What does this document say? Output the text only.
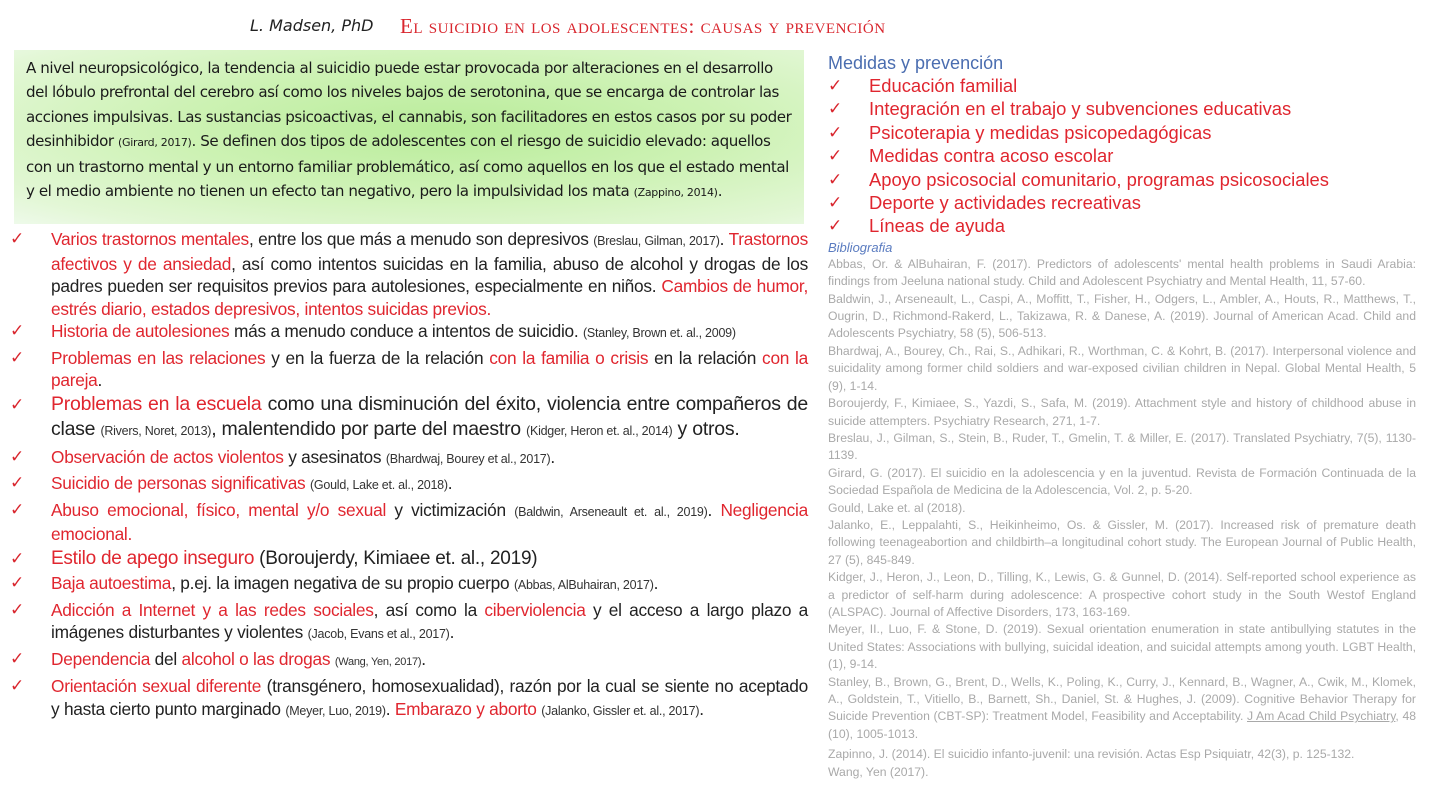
L. Madsen, PhD El suicidio en los adolescentes: causas y prevención
A nivel neuropsicológico, la tendencia al suicidio puede estar provocada por alteraciones en el desarrollo del lóbulo prefrontal del cerebro así como los niveles bajos de serotonina, que se encarga de controlar las acciones impulsivas. Las sustancias psicoactivas, el cannabis, son facilitadores en estos casos por su poder desinhibidor (Girard, 2017). Se definen dos tipos de adolescentes con el riesgo de suicidio elevado: aquellos con un trastorno mental y un entorno familiar problemático, así como aquellos en los que el estado mental y el medio ambiente no tienen un efecto tan negativo, pero la impulsividad los mata (Zappino, 2014).
✓ Varios trastornos mentales, entre los que más a menudo son depresivos (Breslau, Gilman, 2017). Trastornos afectivos y de ansiedad, así como intentos suicidas en la familia, abuso de alcohol y drogas de los padres pueden ser requisitos previos para autolesiones, especialmente en niños. Cambios de humor, estrés diario, estados depresivos, intentos suicidas previos.
✓ Historia de autolesiones más a menudo conduce a intentos de suicidio. (Stanley, Brown et. al., 2009)
✓ Problemas en las relaciones y en la fuerza de la relación con la familia o crisis en la relación con la pareja.
✓ Problemas en la escuela como una disminución del éxito, violencia entre compañeros de clase (Rivers, Noret, 2013), malentendido por parte del maestro (Kidger, Heron et. al., 2014) y otros.
✓ Observación de actos violentos y asesinatos (Bhardwaj, Bourey et al., 2017).
✓ Suicidio de personas significativas (Gould, Lake et. al., 2018).
✓ Abuso emocional, físico, mental y/o sexual y victimización (Baldwin, Arseneault et. al., 2019). Negligencia emocional.
✓ Estilo de apego inseguro (Boroujerdy, Kimiaee et. al., 2019)
✓ Baja autoestima, p.ej. la imagen negativa de su propio cuerpo (Abbas, AlBuhairan, 2017).
✓ Adicción a Internet y a las redes sociales, así como la ciberviolencia y el acceso a largo plazo a imágenes disturbantes y violentes (Jacob, Evans et al., 2017).
✓ Dependencia del alcohol o las drogas (Wang, Yen, 2017).
✓ Orientación sexual diferente (transgénero, homosexualidad), razón por la cual se siente no aceptado y hasta cierto punto marginado (Meyer, Luo, 2019). Embarazo y aborto (Jalanko, Gissler et. al., 2017).
Medidas y prevención
✓ Educación familial
✓ Integración en el trabajo y subvenciones educativas
✓ Psicoterapia y medidas psicopedagógicas
✓ Medidas contra acoso escolar
✓ Apoyo psicosocial comunitario, programas psicosociales
✓ Deporte y actividades recreativas
✓ Líneas de ayuda
Bibliografia
Abbas, Or. & AlBuhairan, F. (2017). Predictors of adolescents' mental health problems in Saudi Arabia: findings from Jeeluna national study. Child and Adolescent Psychiatry and Mental Health, 11, 57-60.
Baldwin, J., Arseneault, L., Caspi, A., Moffitt, T., Fisher, H., Odgers, L., Ambler, A., Houts, R., Matthews, T., Ougrin, D., Richmond-Rakerd, L., Takizawa, R. & Danese, A. (2019). Journal of American Acad. Child and Adolescents Psychiatry, 58 (5), 506-513.
Bhardwaj, A., Bourey, Ch., Rai, S., Adhikari, R., Worthman, C. & Kohrt, B. (2017). Interpersonal violence and suicidality among former child soldiers and war-exposed civilian children in Nepal. Global Mental Health, 5 (9), 1-14.
Boroujerdy, F., Kimiaee, S., Yazdi, S., Safa, M. (2019). Attachment style and history of childhood abuse in suicide attempters. Psychiatry Research, 271, 1-7.
Breslau, J., Gilman, S., Stein, B., Ruder, T., Gmelin, T. & Miller, E. (2017). Translated Psychiatry, 7(5), 1130-1139.
Girard, G. (2017). El suicidio en la adolescencia y en la juventud. Revista de Formación Continuada de la Sociedad Española de Medicina de la Adolescencia, Vol. 2, p. 5-20.
Gould, Lake et. al (2018).
Jalanko, E., Leppalahti, S., Heikinheimo, Os. & Gissler, M. (2017). Increased risk of premature death following teenageabortion and childbirth–a longitudinal cohort study. The European Journal of Public Health, 27 (5), 845-849.
Kidger, J., Heron, J., Leon, D., Tilling, K., Lewis, G. & Gunnel, D. (2014). Self-reported school experience as a predictor of self-harm during adolescence: A prospective cohort study in the South Westof England (ALSPAC). Journal of Affective Disorders, 173, 163-169.
Meyer, II., Luo, F. & Stone, D. (2019). Sexual orientation enumeration in state antibullying statutes in the United States: Associations with bullying, suicidal ideation, and suicidal attempts among youth. LGBT Health, (1), 9-14.
Stanley, B., Brown, G., Brent, D., Wells, K., Poling, K., Curry, J., Kennard, B., Wagner, A., Cwik, M., Klomek, A., Goldstein, T., Vitiello, B., Barnett, Sh., Daniel, St. & Hughes, J. (2009). Cognitive Behavior Therapy for Suicide Prevention (CBT-SP): Treatment Model, Feasibility and Acceptability. J Am Acad Child Psychiatry, 48 (10), 1005-1013.
Zapinno, J. (2014). El suicidio infanto-juvenil: una revisión. Actas Esp Psiquiatr, 42(3), p. 125-132.
Wang, Yen (2017).
